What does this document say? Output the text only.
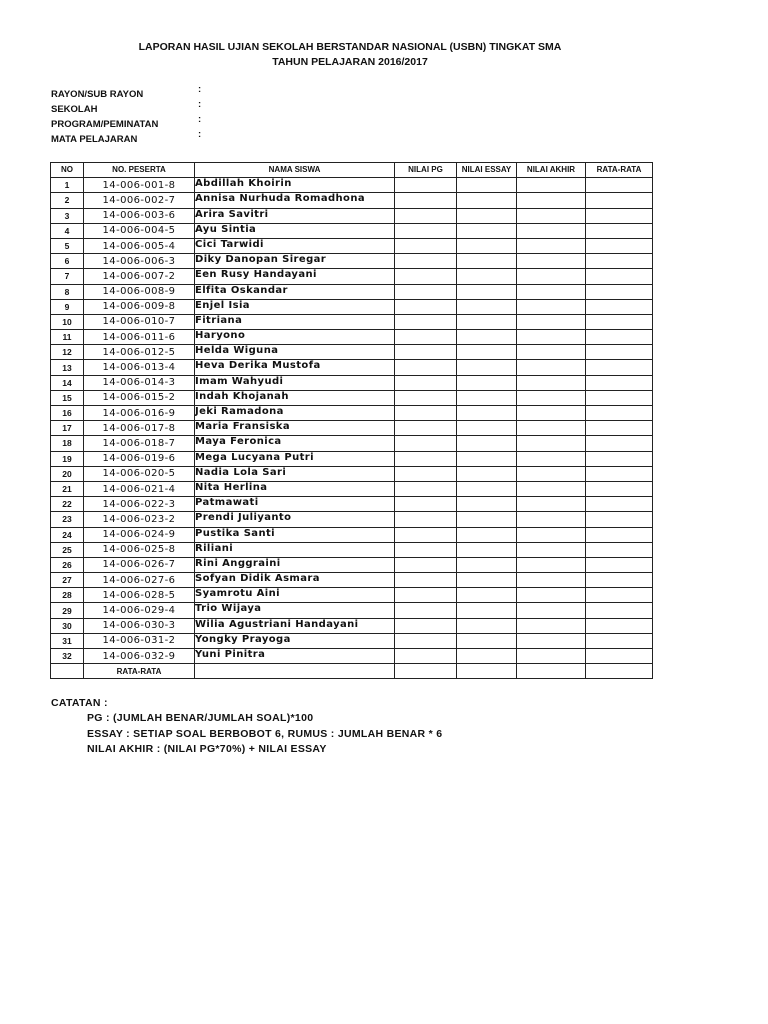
LAPORAN HASIL UJIAN SEKOLAH BERSTANDAR NASIONAL (USBN) TINGKAT SMA
TAHUN PELAJARAN 2016/2017
RAYON/SUB RAYON	:
SEKOLAH	:
PROGRAM/PEMINATAN	:
MATA PELAJARAN	:
NO	NO. PESERTA	NAMA SISWA	NILAI PG	NILAI ESSAY	NILAI AKHIR	RATA-RATA
1	14-006-001-8	Abdillah Khoirin				
2	14-006-002-7	Annisa Nurhuda Romadhona				
3	14-006-003-6	Arira Savitri				
4	14-006-004-5	Ayu Sintia				
5	14-006-005-4	Cici Tarwidi				
6	14-006-006-3	Diky Danopan Siregar				
7	14-006-007-2	Een Rusy Handayani				
8	14-006-008-9	Elfita Oskandar				
9	14-006-009-8	Enjel Isia				
10	14-006-010-7	Fitriana				
11	14-006-011-6	Haryono				
12	14-006-012-5	Helda Wiguna				
13	14-006-013-4	Heva Derika Mustofa				
14	14-006-014-3	Imam Wahyudi				
15	14-006-015-2	Indah Khojanah				
16	14-006-016-9	Jeki Ramadona				
17	14-006-017-8	Maria Fransiska				
18	14-006-018-7	Maya Feronica				
19	14-006-019-6	Mega Lucyana Putri				
20	14-006-020-5	Nadia Lola Sari				
21	14-006-021-4	Nita Herlina				
22	14-006-022-3	Patmawati				
23	14-006-023-2	Prendi Juliyanto				
24	14-006-024-9	Pustika Santi				
25	14-006-025-8	Riliani				
26	14-006-026-7	Rini Anggraini				
27	14-006-027-6	Sofyan Didik Asmara				
28	14-006-028-5	Syamrotu Aini				
29	14-006-029-4	Trio Wijaya				
30	14-006-030-3	Wilia Agustriani Handayani				
31	14-006-031-2	Yongky Prayoga				
32	14-006-032-9	Yuni Pinitra				
	RATA-RATA					
CATATAN :
PG : (JUMLAH BENAR/JUMLAH SOAL)*100
ESSAY : SETIAP SOAL BERBOBOT 6, RUMUS : JUMLAH BENAR * 6
NILAI AKHIR : (NILAI PG*70%) + NILAI ESSAY
